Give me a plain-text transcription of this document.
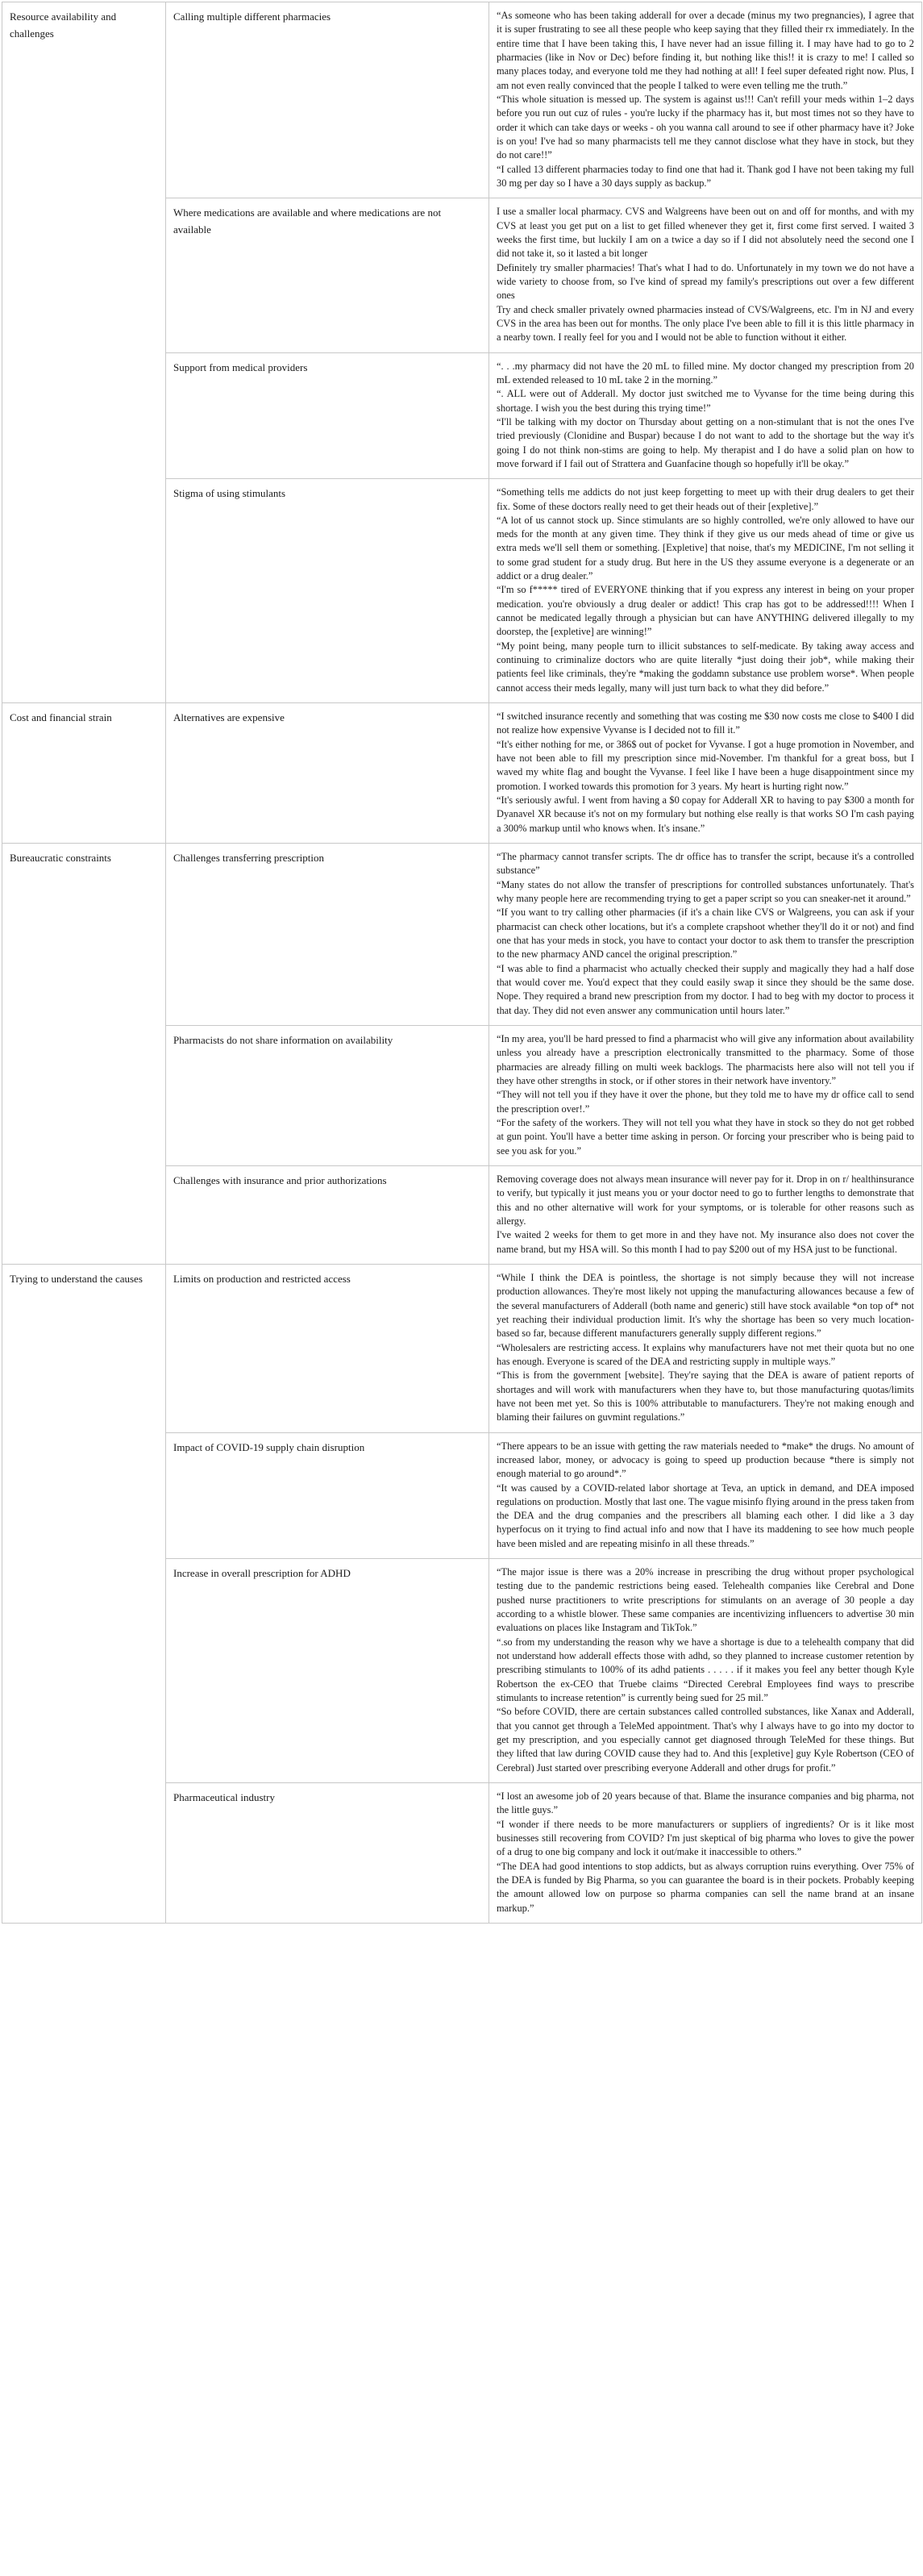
Resource availability and challenges	Calling multiple different pharmacies	“As someone who has been taking adderall for over a decade (minus my two pregnancies), I agree that it is super frustrating to see all these people who keep saying that they filled their rx immediately. In the entire time that I have been taking this, I have never had an issue filling it. I may have had to go to 2 pharmacies (like in Nov or Dec) before finding it, but nothing like this!! it is crazy to me! I called so many places today, and everyone told me they had nothing at all! I feel super defeated right now. Plus, I am not even really convinced that the people I talked to were even telling me the truth.”

“This whole situation is messed up. The system is against us!!! Can't refill your meds within 1–2 days before you run out cuz of rules - you're lucky if the pharmacy has it, but most times not so they have to order it which can take days or weeks - oh you wanna call around to see if other pharmacy have it? Joke is on you! I've had so many pharmacists tell me they cannot disclose what they have in stock, but they do not care!!”

“I called 13 different pharmacies today to find one that had it. Thank god I have not been taking my full 30 mg per day so I have a 30 days supply as backup.”

	Where medications are available and where medications are not available	I use a smaller local pharmacy. CVS and Walgreens have been out on and off for months, and with my CVS at least you get put on a list to get filled whenever they get it, first come first served. I waited 3 weeks the first time, but luckily I am on a twice a day so if I did not absolutely need the second one I did not take it, so it lasted a bit longer

Definitely try smaller pharmacies! That's what I had to do. Unfortunately in my town we do not have a wide variety to choose from, so I've kind of spread my family's prescriptions out over a few different ones

Try and check smaller privately owned pharmacies instead of CVS/Walgreens, etc. I'm in NJ and every CVS in the area has been out for months. The only place I've been able to fill it is this little pharmacy in a nearby town. I really feel for you and I would not be able to function without it either.

	Support from medical providers	“. . .my pharmacy did not have the 20 mL to filled mine. My doctor changed my prescription from 20 mL extended released to 10 mL take 2 in the morning.”

“. ALL were out of Adderall. My doctor just switched me to Vyvanse for the time being during this shortage. I wish you the best during this trying time!”

“I'll be talking with my doctor on Thursday about getting on a non-stimulant that is not the ones I've tried previously (Clonidine and Buspar) because I do not want to add to the shortage but the way it's going I do not think non-stims are going to help. My therapist and I do have a solid plan on how to move forward if I fail out of Strattera and Guanfacine though so hopefully it'll be okay.”

	Stigma of using stimulants	“Something tells me addicts do not just keep forgetting to meet up with their drug dealers to get their fix. Some of these doctors really need to get their heads out of their [expletive].”

“A lot of us cannot stock up. Since stimulants are so highly controlled, we're only allowed to have our meds for the month at any given time. They think if they give us our meds ahead of time or give us extra meds we'll sell them or something. [Expletive] that noise, that's my MEDICINE, I'm not selling it to some grad student for a study drug. But here in the US they assume everyone is a degenerate or an addict or a drug dealer.”

“I'm so f***** tired of EVERYONE thinking that if you express any interest in being on your proper medication. you're obviously a drug dealer or addict! This crap has got to be addressed!!!! When I cannot be medicated legally through a physician but can have ANYTHING delivered illegally to my doorstep, the [expletive] are winning!”

“My point being, many people turn to illicit substances to self-medicate. By taking away access and continuing to criminalize doctors who are quite literally *just doing their job*, while making their patients feel like criminals, they're *making the goddamn substance use problem worse*. When people cannot access their meds legally, many will just turn back to what they did before.”

Cost and financial strain	Alternatives are expensive	“I switched insurance recently and something that was costing me $30 now costs me close to $400 I did not realize how expensive Vyvanse is I decided not to fill it.”

“It's either nothing for me, or 386$ out of pocket for Vyvanse. I got a huge promotion in November, and have not been able to fill my prescription since mid-November. I'm thankful for a great boss, but I waved my white flag and bought the Vyvanse. I feel like I have been a huge disappointment since my promotion. I worked towards this promotion for 3 years. My heart is hurting right now.”

“It's seriously awful. I went from having a $0 copay for Adderall XR to having to pay $300 a month for Dyanavel XR because it's not on my formulary but nothing else really is that works SO I'm cash paying a 300% markup until who knows when. It's insane.”

Bureaucratic constraints	Challenges transferring prescription	“The pharmacy cannot transfer scripts. The dr office has to transfer the script, because it's a controlled substance”

“Many states do not allow the transfer of prescriptions for controlled substances unfortunately. That's why many people here are recommending trying to get a paper script so you can sneaker-net it around.”

“If you want to try calling other pharmacies (if it's a chain like CVS or Walgreens, you can ask if your pharmacist can check other locations, but it's a complete crapshoot whether they'll do it or not) and find one that has your meds in stock, you have to contact your doctor to ask them to transfer the prescription to the new pharmacy AND cancel the original prescription.”

“I was able to find a pharmacist who actually checked their supply and magically they had a half dose that would cover me. You'd expect that they could easily swap it since they should be the same dose. Nope. They required a brand new prescription from my doctor. I had to beg with my doctor to process it that day. They did not even answer any communication until hours later.”

	Pharmacists do not share information on availability	“In my area, you'll be hard pressed to find a pharmacist who will give any information about availability unless you already have a prescription electronically transmitted to the pharmacy. Some of those pharmacies are already filling on multi week backlogs. The pharmacists here also will not tell you if they have other strengths in stock, or if other stores in their network have inventory.”

“They will not tell you if they have it over the phone, but they told me to have my dr office call to send the prescription over!.”

“For the safety of the workers. They will not tell you what they have in stock so they do not get robbed at gun point. You'll have a better time asking in person. Or forcing your prescriber who is being paid to see you ask for you.”

	Challenges with insurance and prior authorizations	Removing coverage does not always mean insurance will never pay for it. Drop in on r/ healthinsurance to verify, but typically it just means you or your doctor need to go to further lengths to demonstrate that this and no other alternative will work for your symptoms, or is tolerable for other reasons such as allergy.

I've waited 2 weeks for them to get more in and they have not. My insurance also does not cover the name brand, but my HSA will. So this month I had to pay $200 out of my HSA just to be functional.

Trying to understand the causes	Limits on production and restricted access	“While I think the DEA is pointless, the shortage is not simply because they will not increase production allowances. They're most likely not upping the manufacturing allowances because a few of the several manufacturers of Adderall (both name and generic) still have stock available *on top of* not yet reaching their individual production limit. It's why the shortage has been so very much location-based so far, because different manufacturers generally supply different regions.”

“Wholesalers are restricting access. It explains why manufacturers have not met their quota but no one has enough. Everyone is scared of the DEA and restricting supply in multiple ways.”

“This is from the government [website]. They're saying that the DEA is aware of patient reports of shortages and will work with manufacturers when they have to, but those manufacturing quotas/limits have not been met yet. So this is 100% attributable to manufacturers. They're not making enough and blaming their failures on guvmint regulations.”

	Impact of COVID-19 supply chain disruption	“There appears to be an issue with getting the raw materials needed to *make* the drugs. No amount of increased labor, money, or advocacy is going to speed up production because *there is simply not enough material to go around*.”

“It was caused by a COVID-related labor shortage at Teva, an uptick in demand, and DEA imposed regulations on production. Mostly that last one. The vague misinfo flying around in the press taken from the DEA and the drug companies and the prescribers all blaming each other. I did like a 3 day hyperfocus on it trying to find actual info and now that I have its maddening to see how much people have been misled and are repeating misinfo in all these threads.”

	Increase in overall prescription for ADHD	“The major issue is there was a 20% increase in prescribing the drug without proper psychological testing due to the pandemic restrictions being eased. Telehealth companies like Cerebral and Done pushed nurse practitioners to write prescriptions for stimulants on an average of 30 people a day according to a whistle blower. These same companies are incentivizing influencers to advertise 30 min evaluations on places like Instagram and TikTok.”

“.so from my understanding the reason why we have a shortage is due to a telehealth company that did not understand how adderall effects those with adhd, so they planned to increase customer retention by prescribing stimulants to 100% of its adhd patients . . . . . if it makes you feel any better though Kyle Robertson the ex-CEO that Truebe claims “Directed Cerebral Employees find ways to prescribe stimulants to increase retention” is currently being sued for 25 mil.”

“So before COVID, there are certain substances called controlled substances, like Xanax and Adderall, that you cannot get through a TeleMed appointment. That's why I always have to go into my doctor to get my prescription, and you especially cannot get diagnosed through TeleMed for these things. But they lifted that law during COVID cause they had to. And this [expletive] guy Kyle Robertson (CEO of Cerebral) Just started over prescribing everyone Adderall and other drugs for profit.”

	Pharmaceutical industry	“I lost an awesome job of 20 years because of that. Blame the insurance companies and big pharma, not the little guys.”

“I wonder if there needs to be more manufacturers or suppliers of ingredients? Or is it like most businesses still recovering from COVID? I'm just skeptical of big pharma who loves to give the power of a drug to one big company and lock it out/make it inaccessible to others.”

“The DEA had good intentions to stop addicts, but as always corruption ruins everything. Over 75% of the DEA is funded by Big Pharma, so you can guarantee the board is in their pockets. Probably keeping the amount allowed low on purpose so pharma companies can sell the name brand at an insane markup.”
